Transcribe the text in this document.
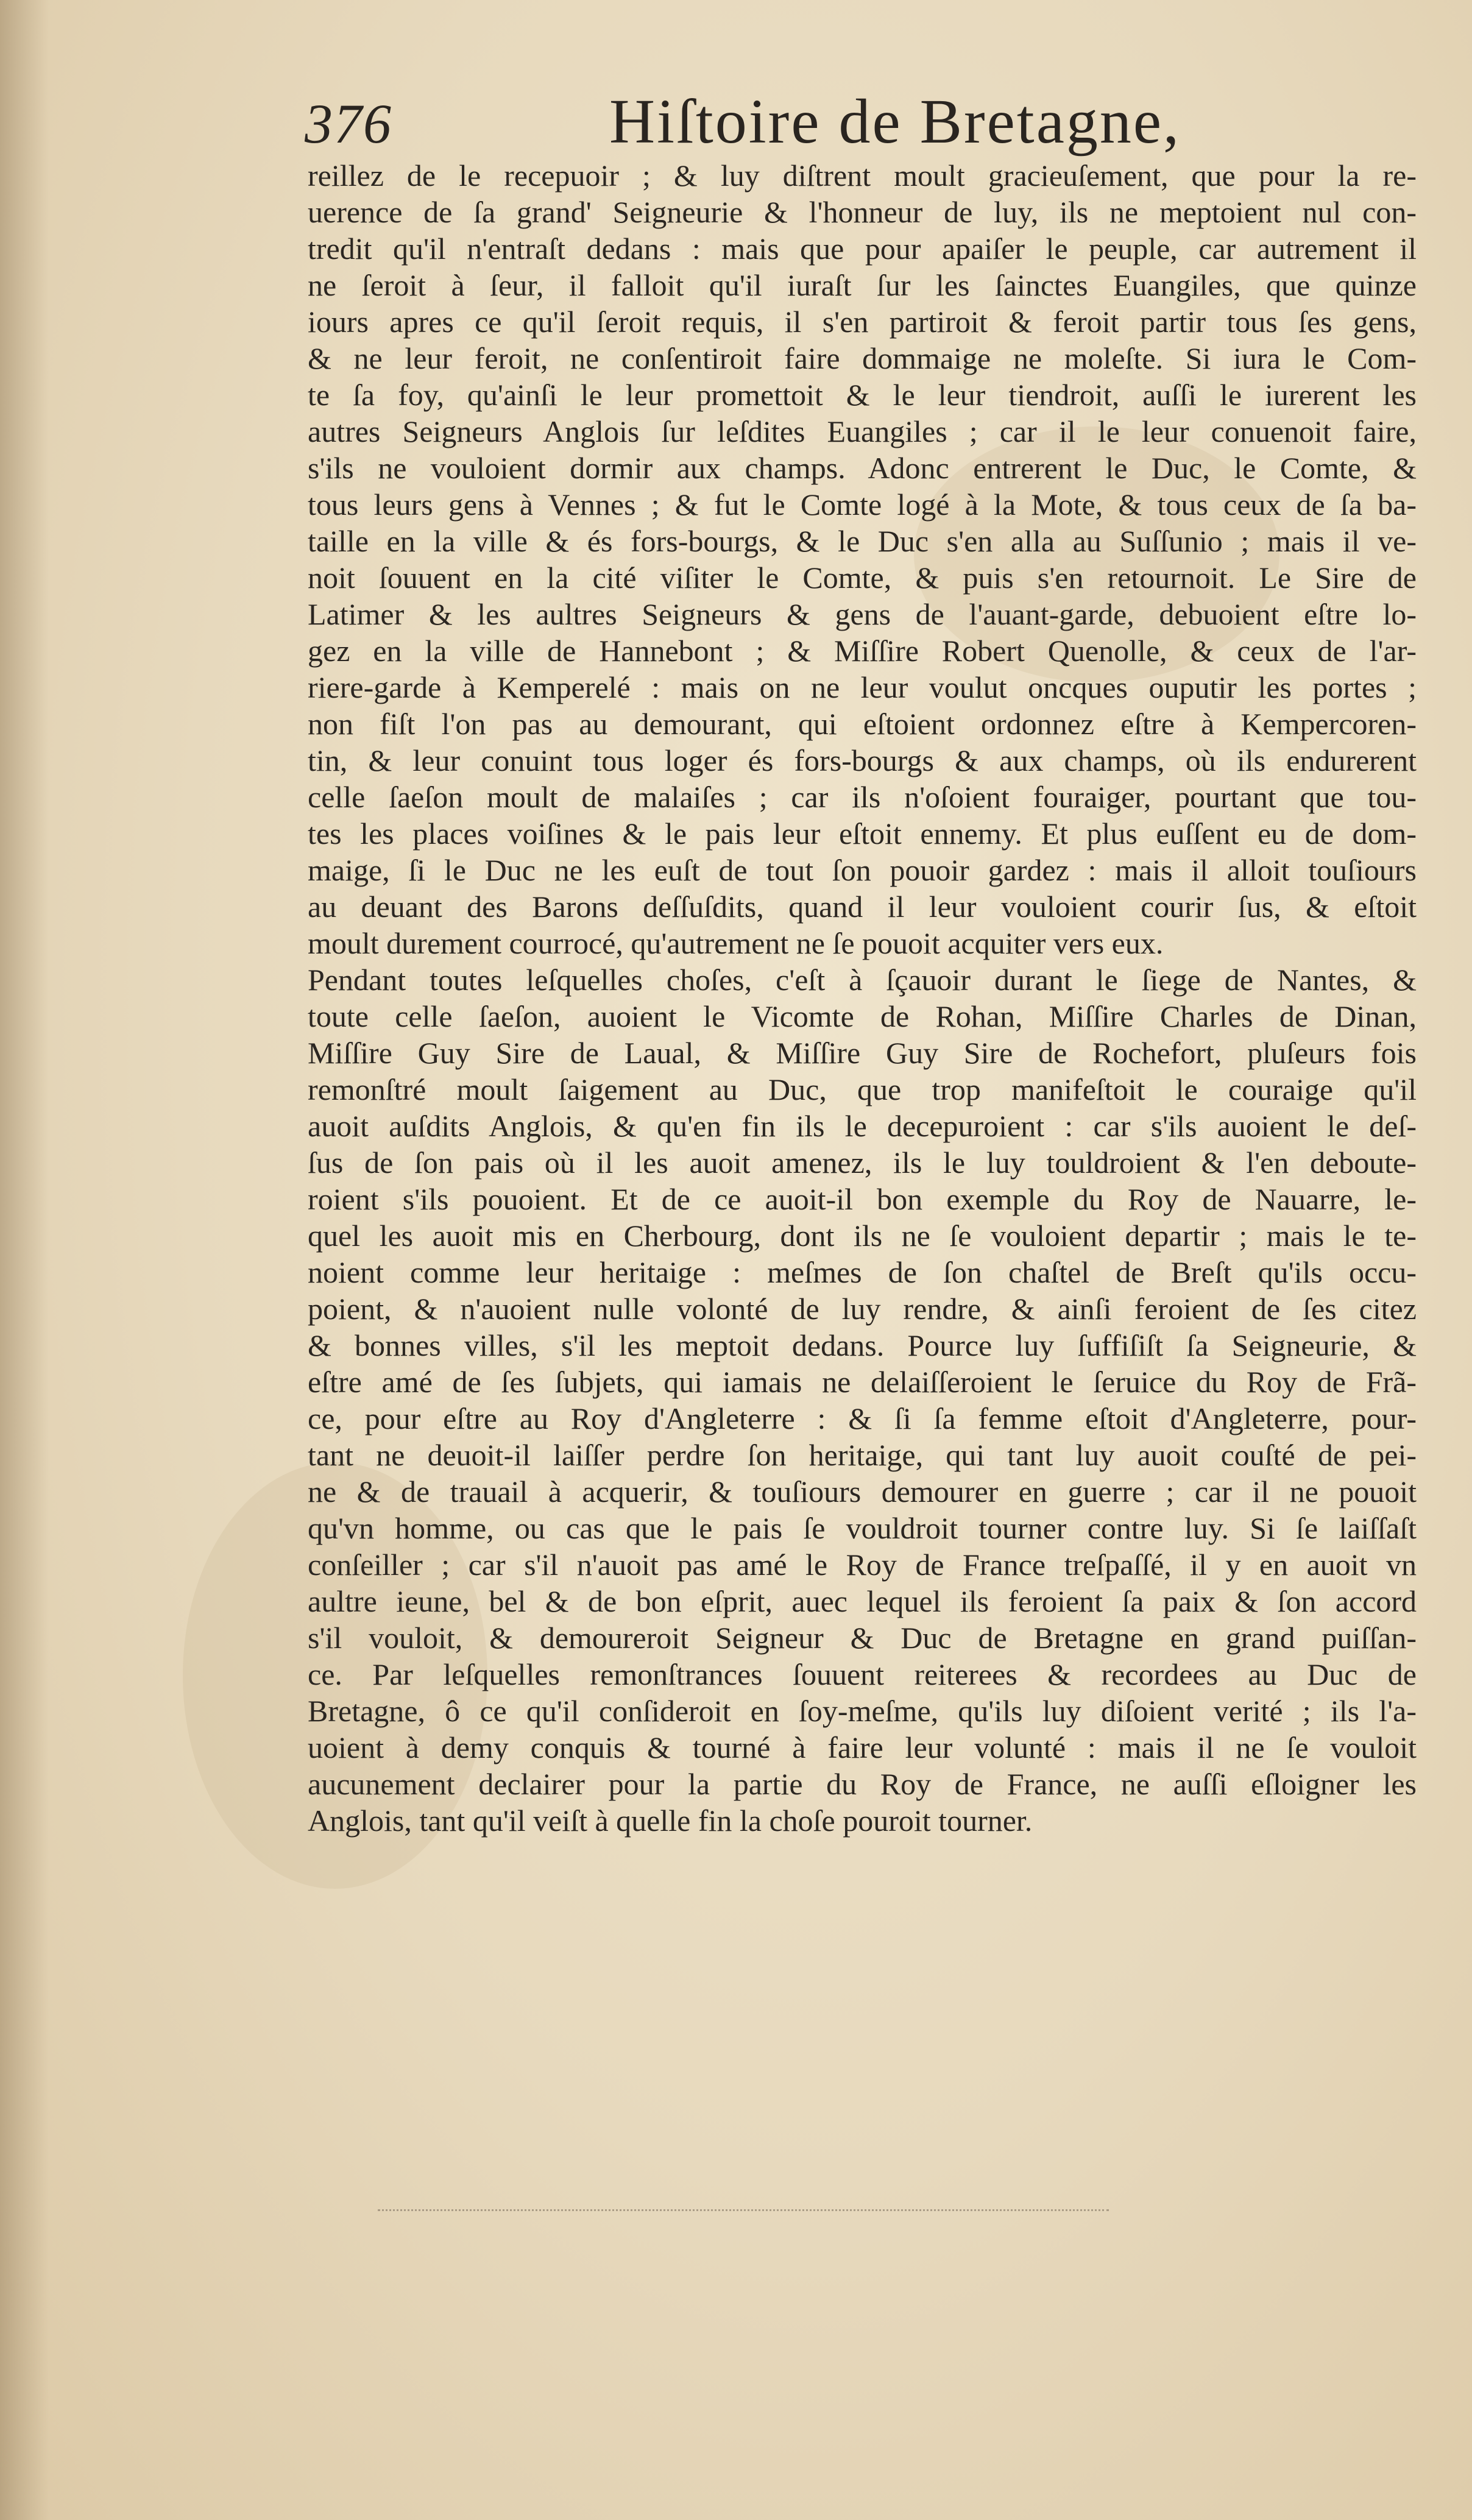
376	Hiſtoire de Bretagne,
reillez de le recepuoir ; & luy diſtrent moult gracieuſement, que pour la re-
uerence de ſa grand' Seigneurie & l'honneur de luy, ils ne meptoient nul con-
tredit qu'il n'entraſt dedans : mais que pour apaiſer le peuple, car autrement il
ne ſeroit à ſeur, il falloit qu'il iuraſt ſur les ſainctes Euangiles, que quinze
iours apres ce qu'il ſeroit requis, il s'en partiroit & feroit partir tous ſes gens,
& ne leur feroit, ne conſentiroit faire dommaige ne moleſte. Si iura le Com-
te ſa foy, qu'ainſi le leur promettoit & le leur tiendroit, auſſi le iurerent les
autres Seigneurs Anglois ſur leſdites Euangiles ; car il le leur conuenoit faire,
s'ils ne vouloient dormir aux champs. Adonc entrerent le Duc, le Comte, &
tous leurs gens à Vennes ; & fut le Comte logé à la Mote, & tous ceux de ſa ba-
taille en la ville & és fors-bourgs, & le Duc s'en alla au Suſſunio ; mais il ve-
noit ſouuent en la cité viſiter le Comte, & puis s'en retournoit. Le Sire de
Latimer & les aultres Seigneurs & gens de l'auant-garde, debuoient eſtre lo-
gez en la ville de Hannebont ; & Miſſire Robert Quenolle, & ceux de l'ar-
riere-garde à Kemperelé : mais on ne leur voulut oncques ouputir les portes ;
non fiſt l'on pas au demourant, qui eſtoient ordonnez eſtre à Kempercoren-
tin, & leur conuint tous loger és fors-bourgs & aux champs, où ils endurerent
celle ſaeſon moult de malaiſes ; car ils n'oſoient fouraiger, pourtant que tou-
tes les places voiſines & le pais leur eſtoit ennemy. Et plus euſſent eu de dom-
maige, ſi le Duc ne les euſt de tout ſon pouoir gardez : mais il alloit touſiours
au deuant des Barons deſſuſdits, quand il leur vouloient courir ſus, & eſtoit
moult durement courrocé, qu'autrement ne ſe pouoit acquiter vers eux.
Pendant toutes leſquelles choſes, c'eſt à ſçauoir durant le ſiege de Nantes, &
toute celle ſaeſon, auoient le Vicomte de Rohan, Miſſire Charles de Dinan,
Miſſire Guy Sire de Laual, & Miſſire Guy Sire de Rochefort, pluſeurs fois
remonſtré moult ſaigement au Duc, que trop manifeſtoit le couraige qu'il
auoit auſdits Anglois, & qu'en fin ils le decepuroient : car s'ils auoient le deſ-
ſus de ſon pais où il les auoit amenez, ils le luy touldroient & l'en deboute-
roient s'ils pouoient. Et de ce auoit-il bon exemple du Roy de Nauarre, le-
quel les auoit mis en Cherbourg, dont ils ne ſe vouloient departir ; mais le te-
noient comme leur heritaige : meſmes de ſon chaſtel de Breſt qu'ils occu-
poient, & n'auoient nulle volonté de luy rendre, & ainſi feroient de ſes citez
& bonnes villes, s'il les meptoit dedans. Pource luy ſuffiſiſt ſa Seigneurie, &
eſtre amé de ſes ſubjets, qui iamais ne delaiſſeroient le ſeruice du Roy de Frã-
ce, pour eſtre au Roy d'Angleterre : & ſi ſa femme eſtoit d'Angleterre, pour-
tant ne deuoit-il laiſſer perdre ſon heritaige, qui tant luy auoit couſté de pei-
ne & de trauail à acquerir, & touſiours demourer en guerre ; car il ne pouoit
qu'vn homme, ou cas que le pais ſe vouldroit tourner contre luy. Si ſe laiſſaſt
conſeiller ; car s'il n'auoit pas amé le Roy de France treſpaſſé, il y en auoit vn
aultre ieune, bel & de bon eſprit, auec lequel ils feroient ſa paix & ſon accord
s'il vouloit, & demoureroit Seigneur & Duc de Bretagne en grand puiſſan-
ce. Par leſquelles remonſtrances ſouuent reiterees & recordees au Duc de
Bretagne, ô ce qu'il conſideroit en ſoy-meſme, qu'ils luy diſoient verité ; ils l'a-
uoient à demy conquis & tourné à faire leur volunté : mais il ne ſe vouloit
aucunement declairer pour la partie du Roy de France, ne auſſi eſloigner les
Anglois, tant qu'il veiſt à quelle fin la choſe pouroit tourner.
